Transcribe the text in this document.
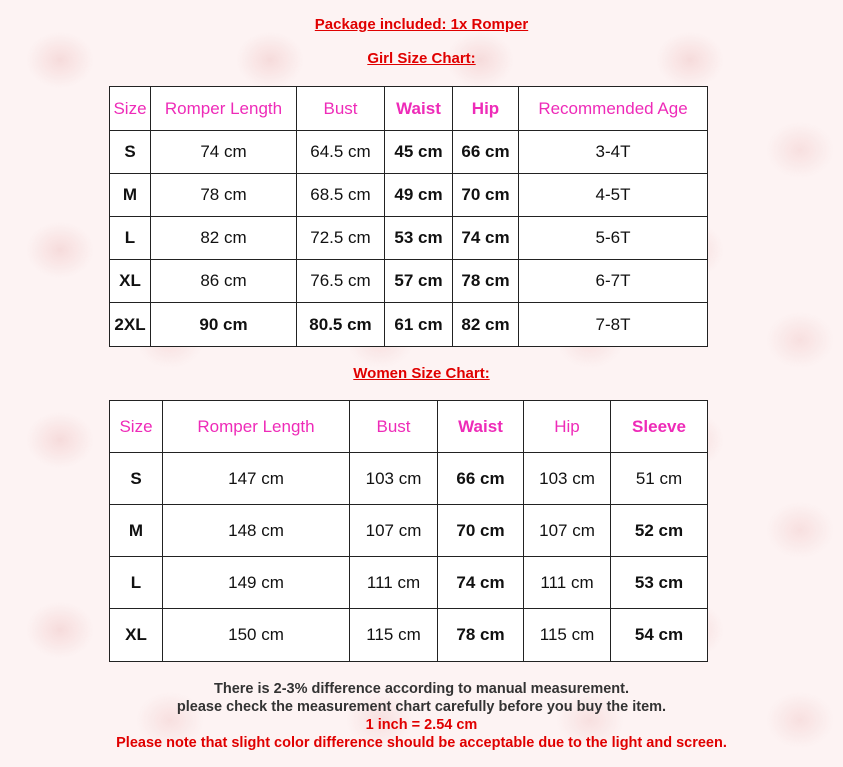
Package included: 1x Romper
Girl Size Chart:
Size	Romper Length	Bust	Waist	Hip	Recommended Age
S	74 cm	64.5 cm	45 cm	66 cm	3-4T
M	78 cm	68.5 cm	49 cm	70 cm	4-5T
L	82 cm	72.5 cm	53 cm	74 cm	5-6T
XL	86 cm	76.5 cm	57 cm	78 cm	6-7T
2XL	90 cm	80.5 cm	61 cm	82 cm	7-8T
Women Size Chart:
Size	Romper Length	Bust	Waist	Hip	Sleeve
S	147 cm	103 cm	66 cm	103 cm	51 cm
M	148 cm	107 cm	70 cm	107 cm	52 cm
L	149 cm	111 cm	74 cm	111 cm	53 cm
XL	150 cm	115 cm	78 cm	115 cm	54 cm
There is 2-3% difference according to manual measurement.
please check the measurement chart carefully before you buy the item.
1 inch = 2.54 cm
Please note that slight color difference should be acceptable due to the light and screen.
